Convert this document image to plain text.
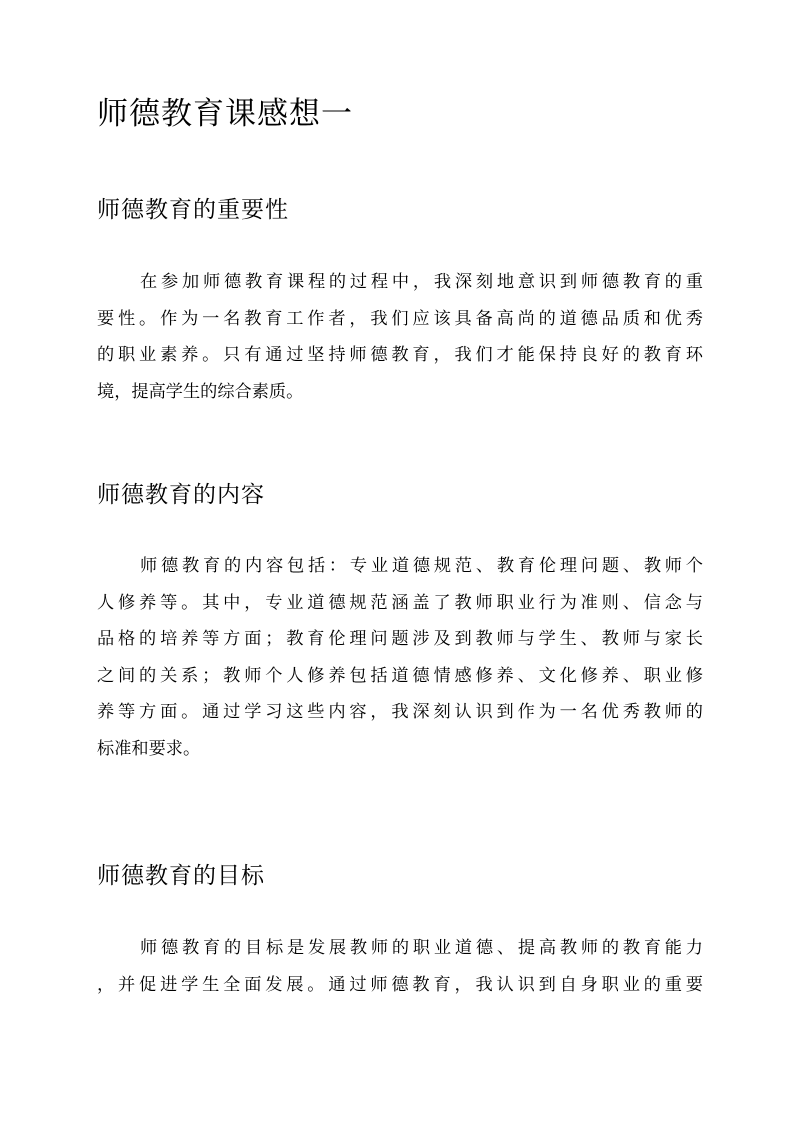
师德教育课感想一
师德教育的重要性
在参加师德教育课程的过程中，我深刻地意识到师德教育的重
要性。作为一名教育工作者，我们应该具备高尚的道德品质和优秀
的职业素养。只有通过坚持师德教育，我们才能保持良好的教育环
境，提高学生的综合素质。
师德教育的内容
师德教育的内容包括：专业道德规范、教育伦理问题、教师个
人修养等。其中，专业道德规范涵盖了教师职业行为准则、信念与
品格的培养等方面；教育伦理问题涉及到教师与学生、教师与家长
之间的关系；教师个人修养包括道德情感修养、文化修养、职业修
养等方面。通过学习这些内容，我深刻认识到作为一名优秀教师的
标准和要求。
师德教育的目标
师德教育的目标是发展教师的职业道德、提高教师的教育能力
，并促进学生全面发展。通过师德教育，我认识到自身职业的重要
